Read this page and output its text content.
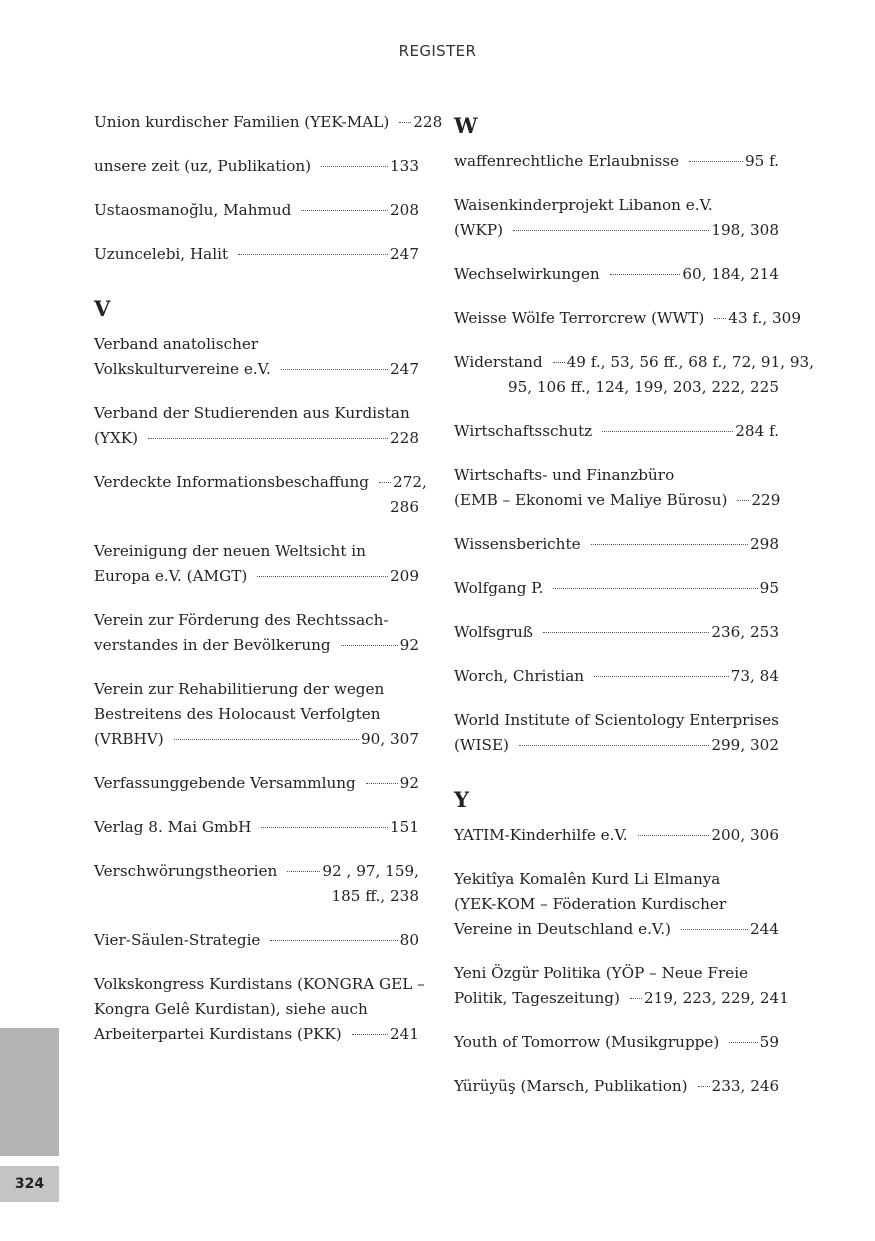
REGISTER
Union kurdischer Familien (YEK-MAL) 228
unsere zeit (uz, Publikation)	133
Ustaosmanoğlu, Mahmud	208
Uzuncelebi, Halit	247
V
Verband anatolischer
Volkskulturvereine e.V.	247
Verband der Studierenden aus Kurdistan
(YXK)	228
Verdeckte Informationsbeschaffung 272,
286
Vereinigung der neuen Weltsicht in
Europa e.V. (AMGT)	209
Verein zur Förderung des Rechtssach-
verstandes in der Bevölkerung	92
Verein zur Rehabilitierung der wegen
Bestreitens des Holocaust Verfolgten
(VRBHV)	90, 307
Verfassunggebende Versammlung	92
Verlag 8. Mai GmbH	151
Verschwörungstheorien	92 , 97, 159,
185 ff., 238
Vier-Säulen-Strategie	80
Volkskongress Kurdistans (KONGRA GEL –
Kongra Gelê Kurdistan), siehe auch
Arbeiterpartei Kurdistans (PKK)	241
W
waffenrechtliche Erlaubnisse	95 f.
Waisenkinderprojekt Libanon e.V.
(WKP)	198, 308
Wechselwirkungen	60, 184, 214
Weisse Wölfe Terrorcrew (WWT) 43 f., 309
Widerstand 49 f., 53, 56 ff., 68 f., 72, 91, 93,
95, 106 ff., 124, 199, 203, 222, 225
Wirtschaftsschutz	284 f.
Wirtschafts- und Finanzbüro
(EMB – Ekonomi ve Maliye Bürosu) 229
Wissensberichte	298
Wolfgang P.	95
Wolfsgruß	236, 253
Worch, Christian	73, 84
World Institute of Scientology Enterprises
(WISE)	299, 302
Y
YATIM-Kinderhilfe e.V.	200, 306
Yekitîya Komalên Kurd Li Elmanya
(YEK-KOM – Föderation Kurdischer
Vereine in Deutschland e.V.)	244
Yeni Özgür Politika (YÖP – Neue Freie
Politik, Tageszeitung) 219, 223, 229, 241
Youth of Tomorrow (Musikgruppe)	59
Yürüyüş (Marsch, Publikation) 233, 246
324
